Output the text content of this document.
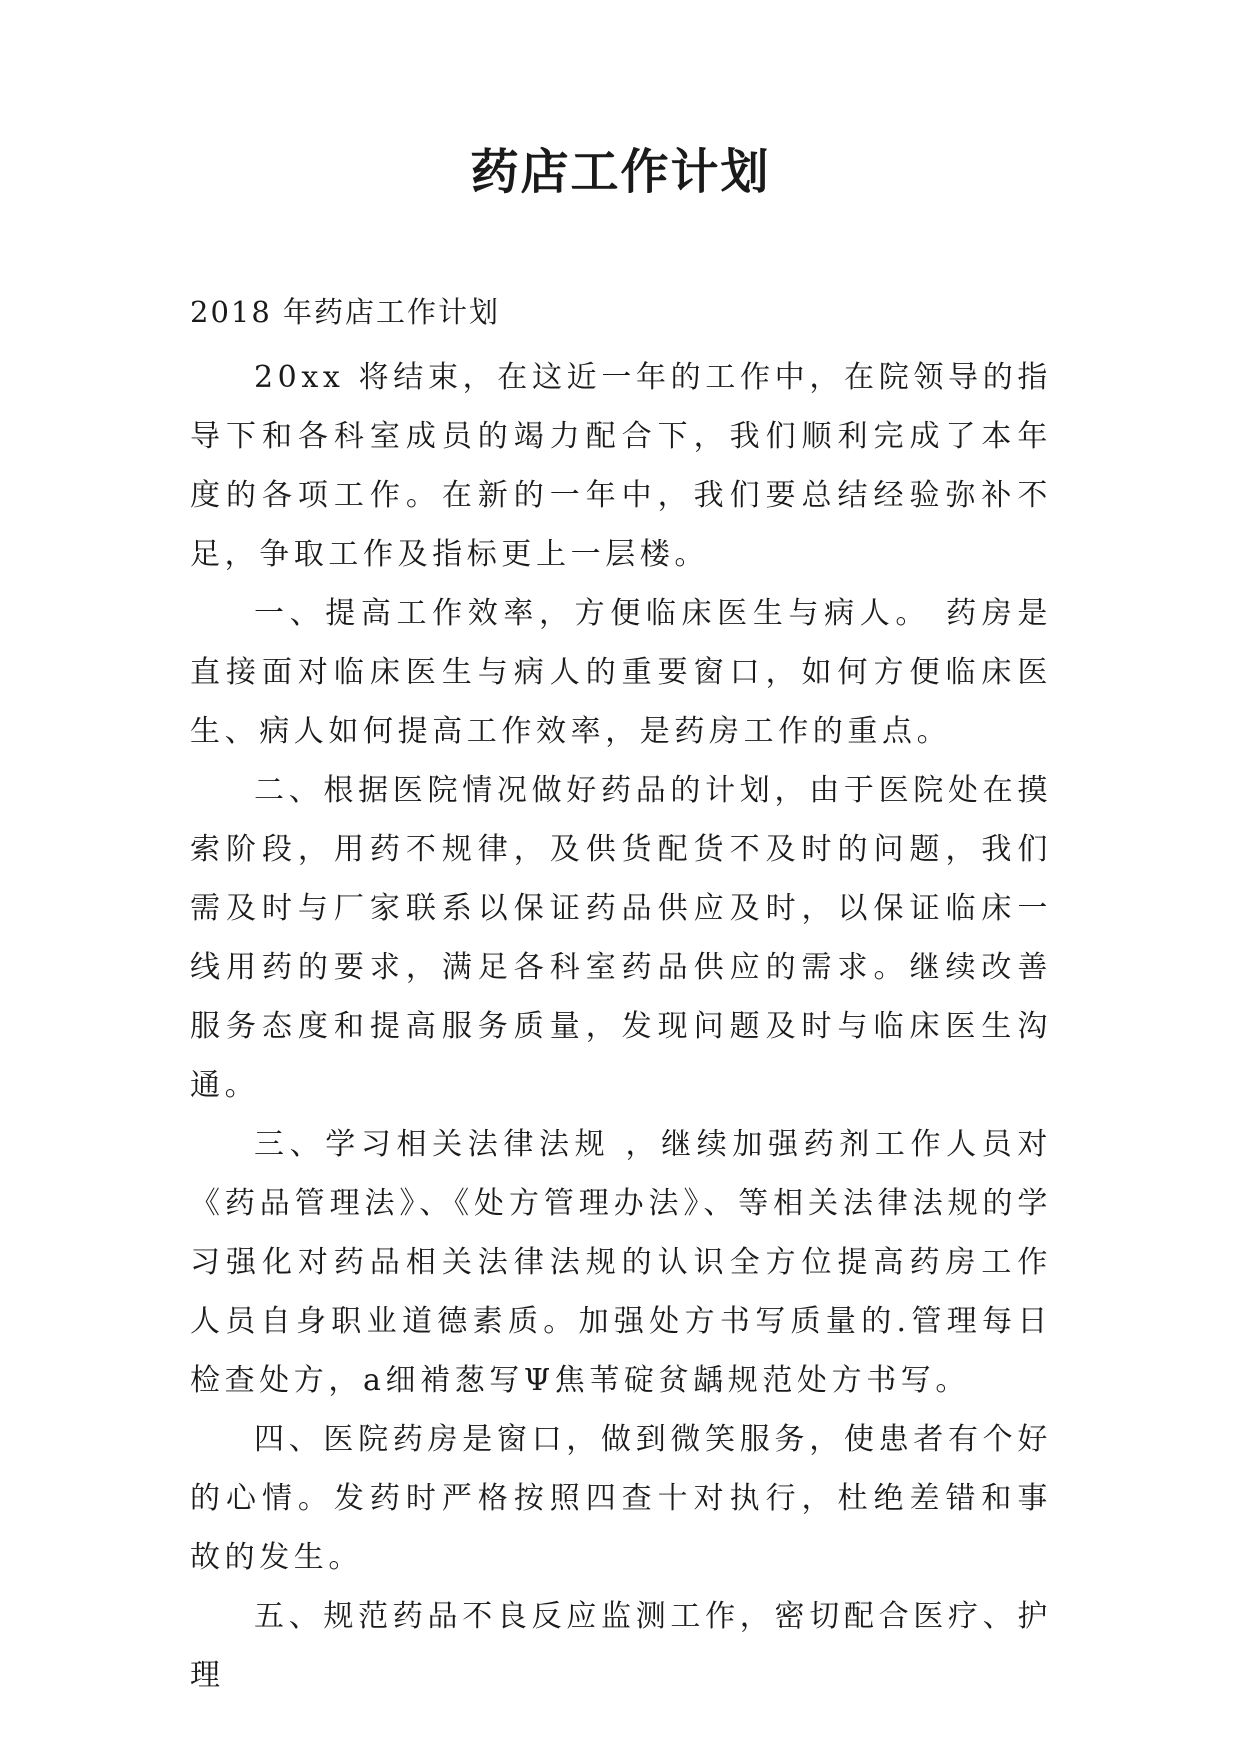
药店工作计划
2018 年药店工作计划

20xx 将结束，在这近一年的工作中，在院领导的指导下和各科室成员的竭力配合下，我们顺利完成了本年度的各项工作。在新的一年中，我们要总结经验弥补不足，争取工作及指标更上一层楼。

一、提高工作效率，方便临床医生与病人。 药房是直接面对临床医生与病人的重要窗口，如何方便临床医生、病人如何提高工作效率，是药房工作的重点。

二、根据医院情况做好药品的计划，由于医院处在摸索阶段，用药不规律，及供货配货不及时的问题，我们需及时与厂家联系以保证药品供应及时，以保证临床一线用药的要求，满足各科室药品供应的需求。继续改善服务态度和提高服务质量，发现问题及时与临床医生沟通。

三、学习相关法律法规 ，继续加强药剂工作人员对《药品管理法》、《处方管理办法》、等相关法律法规的学习强化对药品相关法律法规的认识全方位提高药房工作人员自身职业道德素质。加强处方书写质量的.管理每日检查处方，a细褃葱写Ψ焦苇碇贫龋规范处方书写。

四、医院药房是窗口，做到微笑服务，使患者有个好的心情。发药时严格按照四查十对执行，杜绝差错和事故的发生。

五、规范药品不良反应监测工作，密切配合医疗、护理
